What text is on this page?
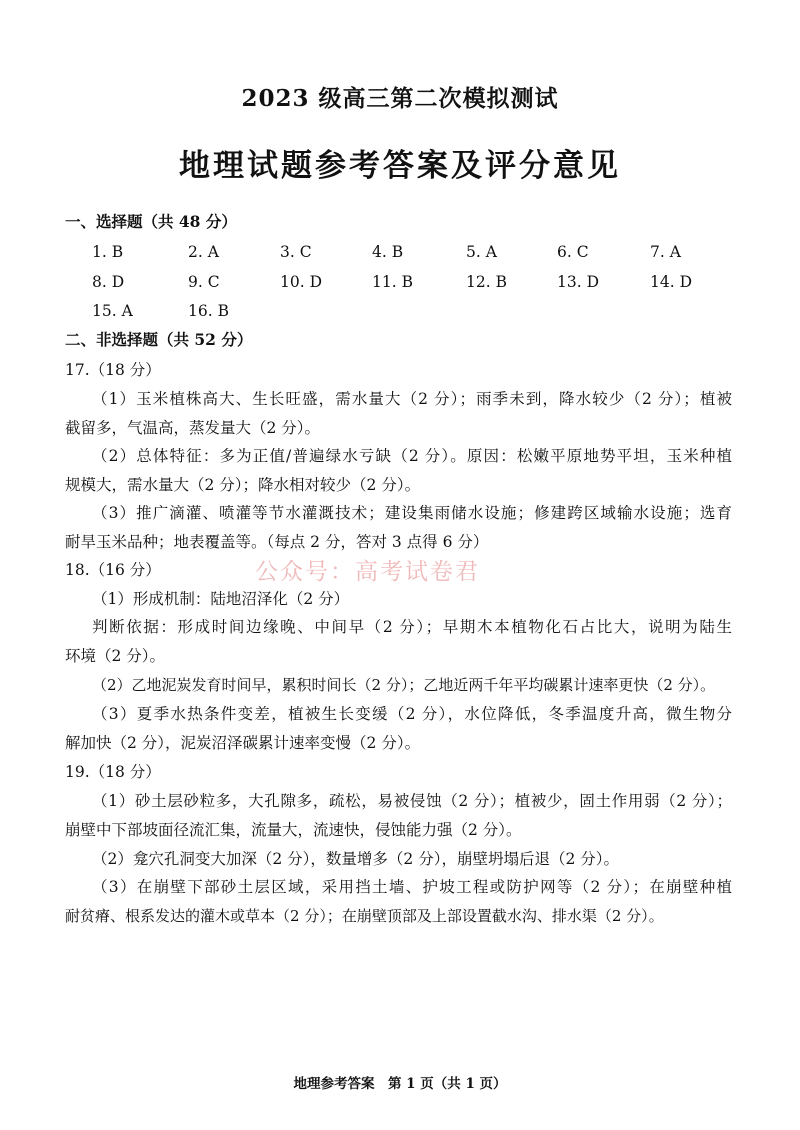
2023 级高三第二次模拟测试
地理试题参考答案及评分意见
一、选择题（共 48 分）
1. B	2. A	3. C	4. B	5. A	6. C	7. A
8. D	9. C	10. D	11. B	12. B	13. D	14. D
15. A	16. B
二、非选择题（共 52 分）
17.（18 分）
（1）玉米植株高大、生长旺盛，需水量大（2 分）；雨季未到，降水较少（2 分）；植被
截留多，气温高，蒸发量大（2 分）。
（2）总体特征：多为正值/普遍绿水亏缺（2 分）。原因：松嫩平原地势平坦，玉米种植
规模大，需水量大（2 分）；降水相对较少（2 分）。
（3）推广滴灌、喷灌等节水灌溉技术；建设集雨储水设施；修建跨区域输水设施；选育
耐旱玉米品种；地表覆盖等。（每点 2 分，答对 3 点得 6 分）
公众号：高考试卷君
18.（16 分）
（1）形成机制：陆地沼泽化（2 分）
判断依据：形成时间边缘晚、中间早（2 分）；早期木本植物化石占比大，说明为陆生
环境（2 分）。
（2）乙地泥炭发育时间早，累积时间长（2 分）；乙地近两千年平均碳累计速率更快（2 分）。
（3）夏季水热条件变差，植被生长变缓（2 分），水位降低，冬季温度升高，微生物分
解加快（2 分），泥炭沼泽碳累计速率变慢（2 分）。
19.（18 分）
（1）砂土层砂粒多，大孔隙多，疏松，易被侵蚀（2 分）；植被少，固土作用弱（2 分）；
崩壁中下部坡面径流汇集，流量大，流速快，侵蚀能力强（2 分）。
（2）龛穴孔洞变大加深（2 分），数量增多（2 分），崩壁坍塌后退（2 分）。
（3）在崩壁下部砂土层区域，采用挡土墙、护坡工程或防护网等（2 分）；在崩壁种植
耐贫瘠、根系发达的灌木或草本（2 分）；在崩壁顶部及上部设置截水沟、排水渠（2 分）。
地理参考答案　第 1 页（共 1 页）
